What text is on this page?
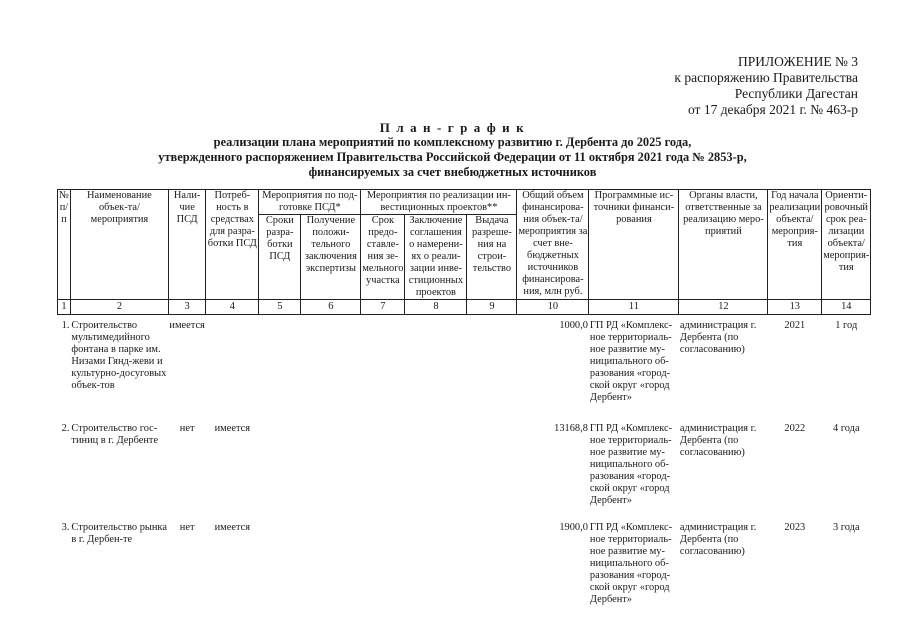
ПРИЛОЖЕНИЕ № 3
к распоряжению Правительства
Республики Дагестан
от 17 декабря 2021 г. № 463-р
П л а н - г р а ф и к
реализации плана мероприятий по комплексному развитию г. Дербента до 2025 года,
утвержденного распоряжением Правительства Российской Федерации от 11 октября 2021 года № 2853-р,
финансируемых за счет внебюджетных источников
№ п/п	Наименование объек-та/мероприятия	Нали-чие ПСД	Потреб-ность в средствах для разра-ботки ПСД	Мероприятия по под-готовке ПСД*		Мероприятия по реализации ин-вестиционных проектов**			Общий объем финансирова-ния объек-та/мероприятия за счет вне-бюджетных источников финансирова-ния, млн руб.	Программные ис-точники финанси-рования	Органы власти, ответственные за реализацию меро-приятий	Год начала реализации объекта/ мероприя-тия	Ориенти-ровочный срок реа-лизации объекта/ мероприя-тия
				Сроки разра-ботки ПСД	Получение положи-тельного заключения экспертизы	Срок предо-ставле-ния зе-мельного участка	Заключение соглашения о намерени-ях о реали-зации инве-стиционных проектов	Выдача разреше-ния на строи-тельство					
1	2	3	4	5	6	7	8	9	10	11	12	13	14
1.	Строительство мультимедийного фонтана в парке им. Низами Гянд-жеви и культурно-досуговых объек-тов	имеется							1000,0	ГП РД «Комплекс-ное территориаль-ное развитие му-ниципального об-разования «город-ской округ «город Дербент»	администрация г. Дербента (по согласованию)	2021	1 год
2.	Строительство гос-тиниц в г. Дербенте	нет	имеется						13168,8	ГП РД «Комплекс-ное территориаль-ное развитие му-ниципального об-разования «город-ской округ «город Дербент»	администрация г. Дербента (по согласованию)	2022	4 года
3.	Строительство рынка в г. Дербен-те	нет	имеется						1900,0	ГП РД «Комплекс-ное территориаль-ное развитие му-ниципального об-разования «город-ской округ «город Дербент»	администрация г. Дербента (по согласованию)	2023	3 года
